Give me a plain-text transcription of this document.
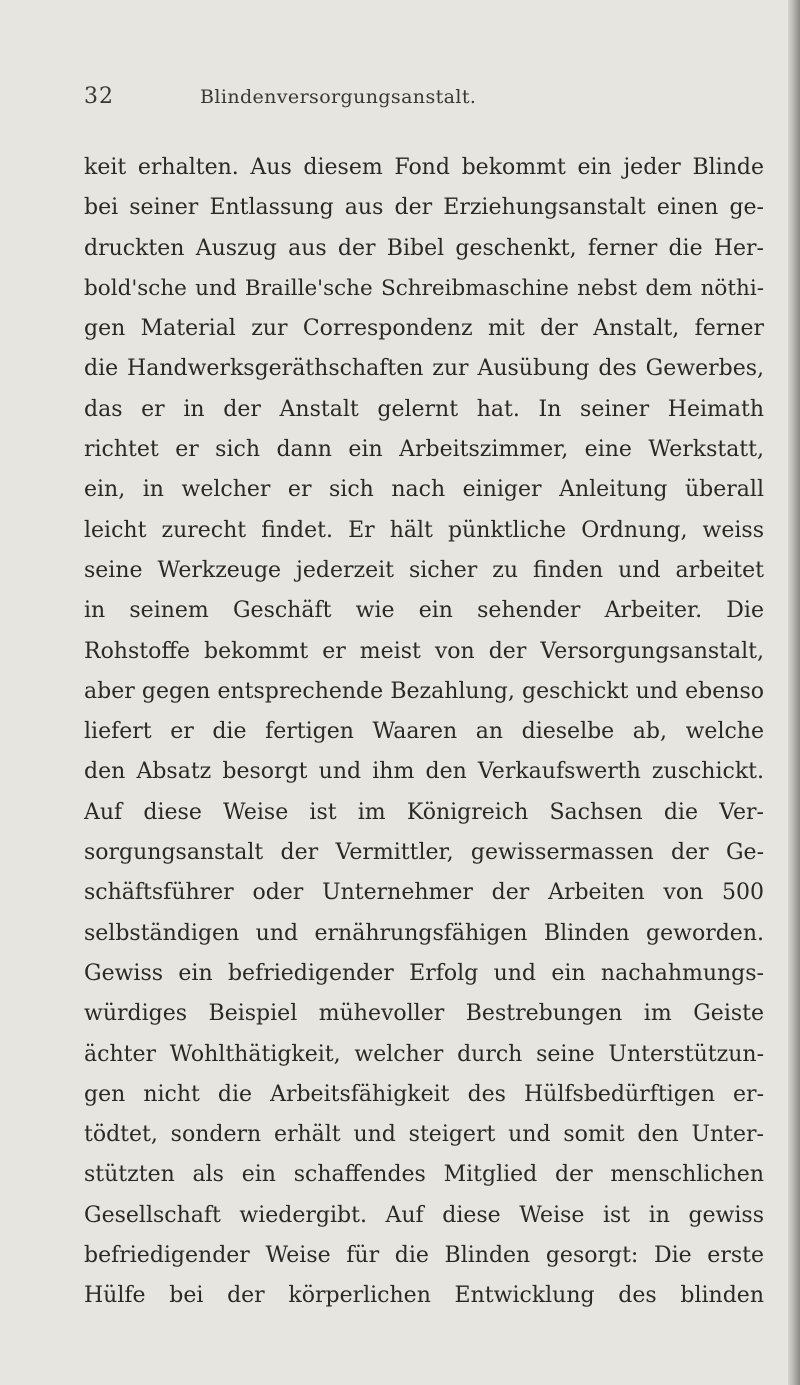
32	Blindenversorgungsanstalt.
keit erhalten. Aus diesem Fond bekommt ein jeder Blinde
bei seiner Entlassung aus der Erziehungsanstalt einen ge-
druckten Auszug aus der Bibel geschenkt, ferner die Her-
bold'sche und Braille'sche Schreibmaschine nebst dem nöthi-
gen Material zur Correspondenz mit der Anstalt, ferner
die Handwerksgeräthschaften zur Ausübung des Gewerbes,
das er in der Anstalt gelernt hat. In seiner Heimath
richtet er sich dann ein Arbeitszimmer, eine Werkstatt,
ein, in welcher er sich nach einiger Anleitung überall
leicht zurecht findet. Er hält pünktliche Ordnung, weiss
seine Werkzeuge jederzeit sicher zu finden und arbeitet
in seinem Geschäft wie ein sehender Arbeiter. Die
Rohstoffe bekommt er meist von der Versorgungsanstalt,
aber gegen entsprechende Bezahlung, geschickt und ebenso
liefert er die fertigen Waaren an dieselbe ab, welche
den Absatz besorgt und ihm den Verkaufswerth zuschickt.
Auf diese Weise ist im Königreich Sachsen die Ver-
sorgungsanstalt der Vermittler, gewissermassen der Ge-
schäftsführer oder Unternehmer der Arbeiten von 500
selbständigen und ernährungsfähigen Blinden geworden.
Gewiss ein befriedigender Erfolg und ein nachahmungs-
würdiges Beispiel mühevoller Bestrebungen im Geiste
ächter Wohlthätigkeit, welcher durch seine Unterstützun-
gen nicht die Arbeitsfähigkeit des Hülfsbedürftigen er-
tödtet, sondern erhält und steigert und somit den Unter-
stützten als ein schaffendes Mitglied der menschlichen
Gesellschaft wiedergibt. Auf diese Weise ist in gewiss
befriedigender Weise für die Blinden gesorgt: Die erste
Hülfe bei der körperlichen Entwicklung des blinden
